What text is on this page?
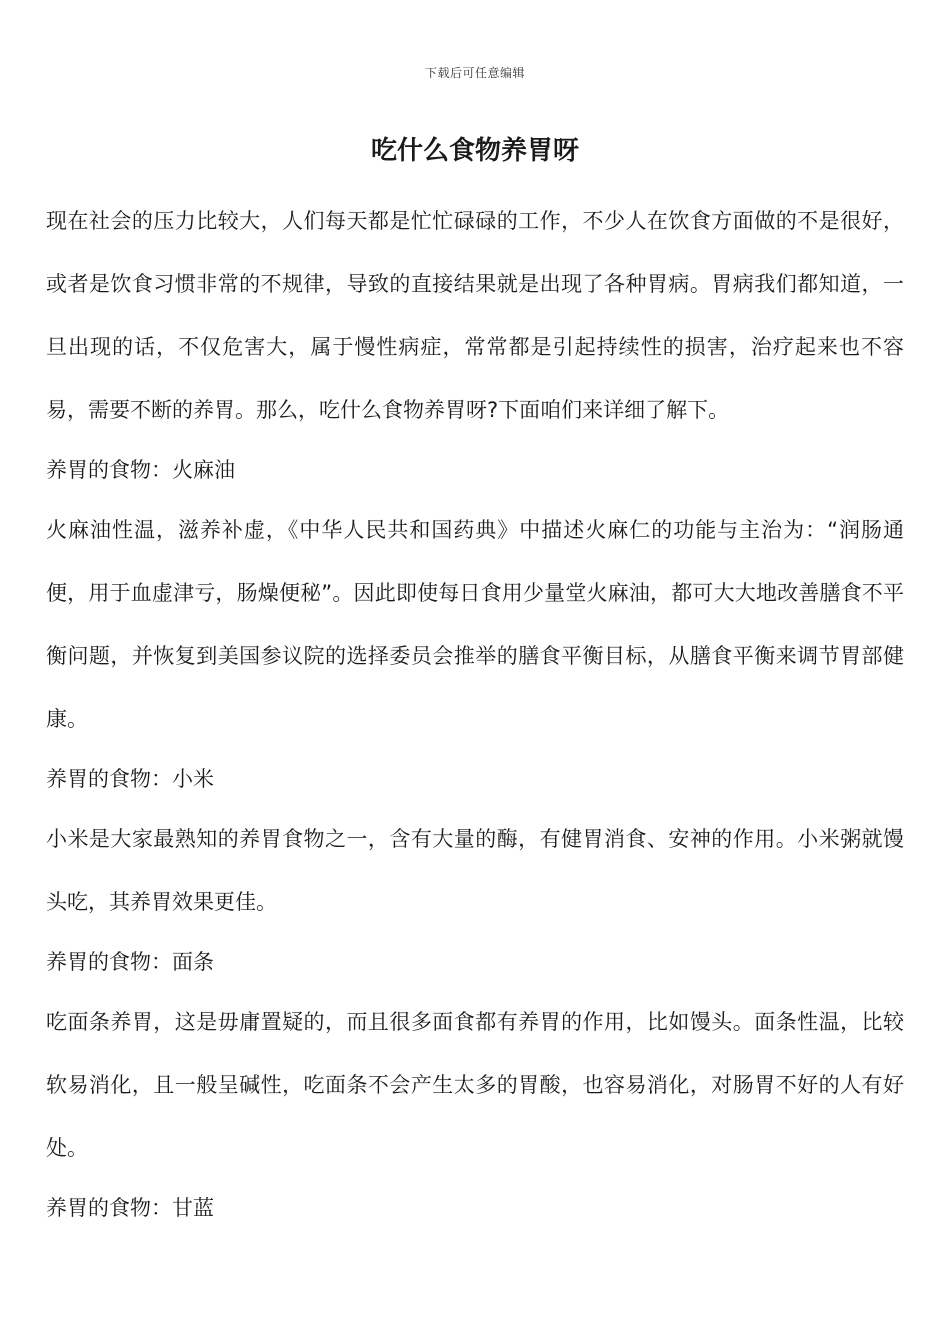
下载后可任意编辑
吃什么食物养胃呀

现在社会的压力比较大，人们每天都是忙忙碌碌的工作，不少人在饮食方面做的不是很好，或者是饮食习惯非常的不规律，导致的直接结果就是出现了各种胃病。胃病我们都知道，一旦出现的话，不仅危害大，属于慢性病症，常常都是引起持续性的损害，治疗起来也不容易，需要不断的养胃。那么，吃什么食物养胃呀?下面咱们来详细了解下。

养胃的食物：火麻油

火麻油性温，滋养补虚，《中华人民共和国药典》中描述火麻仁的功能与主治为：“润肠通便，用于血虚津亏，肠燥便秘”。因此即使每日食用少量堂火麻油，都可大大地改善膳食不平衡问题，并恢复到美国参议院的选择委员会推举的膳食平衡目标，从膳食平衡来调节胃部健康。

养胃的食物：小米

小米是大家最熟知的养胃食物之一，含有大量的酶，有健胃消食、安神的作用。小米粥就馒头吃，其养胃效果更佳。

养胃的食物：面条

吃面条养胃，这是毋庸置疑的，而且很多面食都有养胃的作用，比如馒头。面条性温，比较软易消化，且一般呈碱性，吃面条不会产生太多的胃酸，也容易消化，对肠胃不好的人有好处。

养胃的食物：甘蓝
